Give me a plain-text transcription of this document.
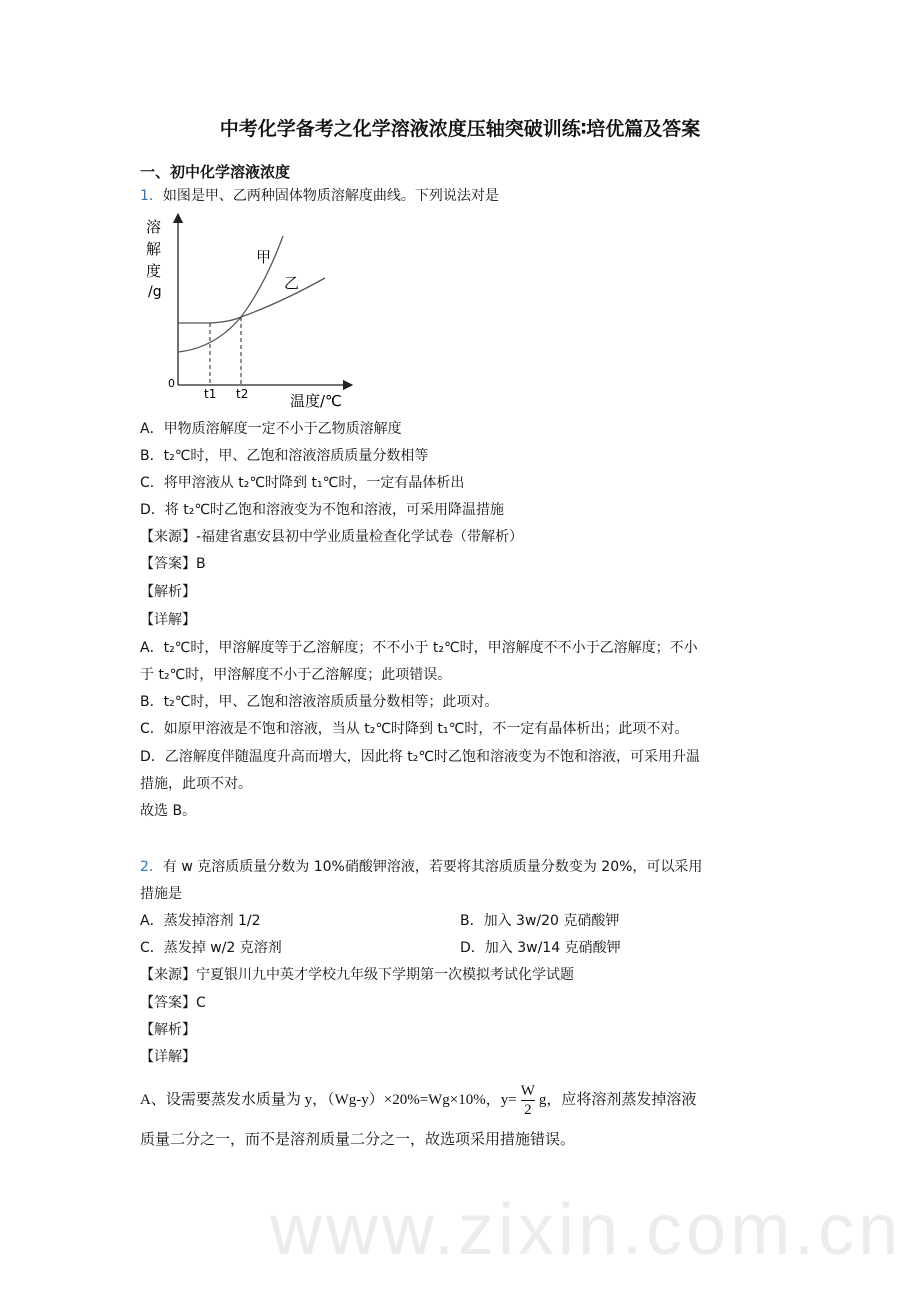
www.zixin.com.cn
中考化学备考之化学溶液浓度压轴突破训练∶培优篇及答案
一、初中化学溶液浓度
1．如图是甲、乙两种固体物质溶解度曲线。下列说法对是
溶
解
度
/g
0
t1 t2	温度/℃
甲
乙
A．甲物质溶解度一定不小于乙物质溶解度
B．t₂℃时，甲、乙饱和溶液溶质质量分数相等
C．将甲溶液从 t₂℃时降到 t₁℃时，一定有晶体析出
D．将 t₂℃时乙饱和溶液变为不饱和溶液，可采用降温措施
【来源】-福建省惠安县初中学业质量检查化学试卷（带解析）
【答案】B
【解析】
【详解】
A．t₂℃时，甲溶解度等于乙溶解度；不不小于 t₂℃时，甲溶解度不不小于乙溶解度；不小
于 t₂℃时，甲溶解度不小于乙溶解度；此项错误。
B．t₂℃时，甲、乙饱和溶液溶质质量分数相等；此项对。
C．如原甲溶液是不饱和溶液，当从 t₂℃时降到 t₁℃时，不一定有晶体析出；此项不对。
D．乙溶解度伴随温度升高而增大，因此将 t₂℃时乙饱和溶液变为不饱和溶液，可采用升温
措施，此项不对。
故选 B。
2．有 w 克溶质质量分数为 10%硝酸钾溶液，若要将其溶质质量分数变为 20%，可以采用
措施是
A．蒸发掉溶剂 1/2	B．加入 3w/20 克硝酸钾
C．蒸发掉 w/2 克溶剂	D．加入 3w/14 克硝酸钾
【来源】宁夏银川九中英才学校九年级下学期第一次模拟考试化学试题
【答案】C
【解析】
【详解】
A、设需要蒸发水质量为 y，（Wg-y）×20%=Wg×10%，$y= \frac{W}{2}$ g，应将溶剂蒸发掉溶液
质量二分之一，而不是溶剂质量二分之一，故选项采用措施错误。
